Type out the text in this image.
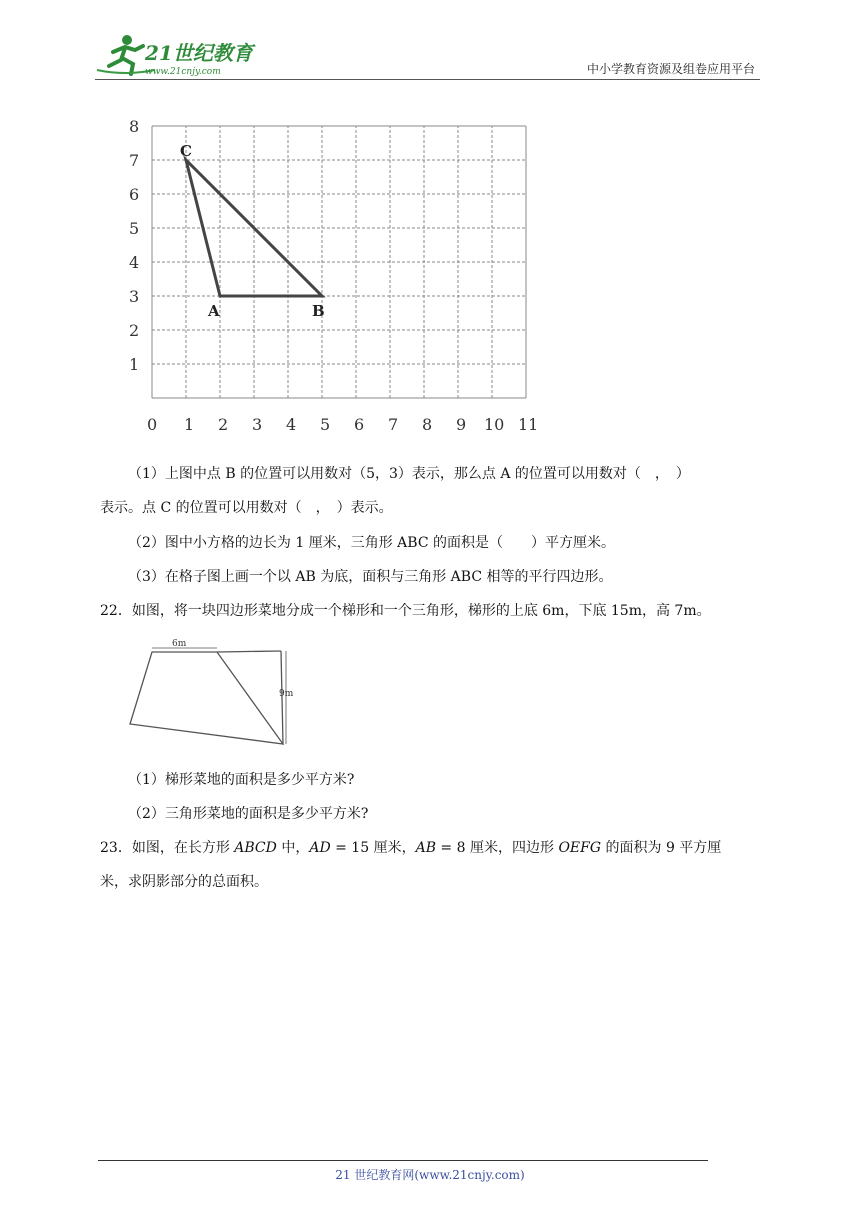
21世纪教育
www.21cnjy.com	中小学教育资源及组卷应用平台
1
2
3
4
5
6
7
8
0 1 2 3 4 5 6 7 8 9 10 11
A	B
C
（1）上图中点 B 的位置可以用数对（5，3）表示，那么点 A 的位置可以用数对（　，　）
表示。点 C 的位置可以用数对（　，　）表示。
（2）图中小方格的边长为 1 厘米，三角形 ABC 的面积是（　　）平方厘米。
（3）在格子图上画一个以 AB 为底，面积与三角形 ABC 相等的平行四边形。
22．如图，将一块四边形菜地分成一个梯形和一个三角形，梯形的上底 6m，下底 15m，高 7m。
6m
9m
（1）梯形菜地的面积是多少平方米?
（2）三角形菜地的面积是多少平方米?
23．如图，在长方形 ABCD 中，AD = 15 厘米，AB = 8 厘米，四边形 OEFG 的面积为 9 平方厘
米，求阴影部分的总面积。
21 世纪教育网(www.21cnjy.com)
